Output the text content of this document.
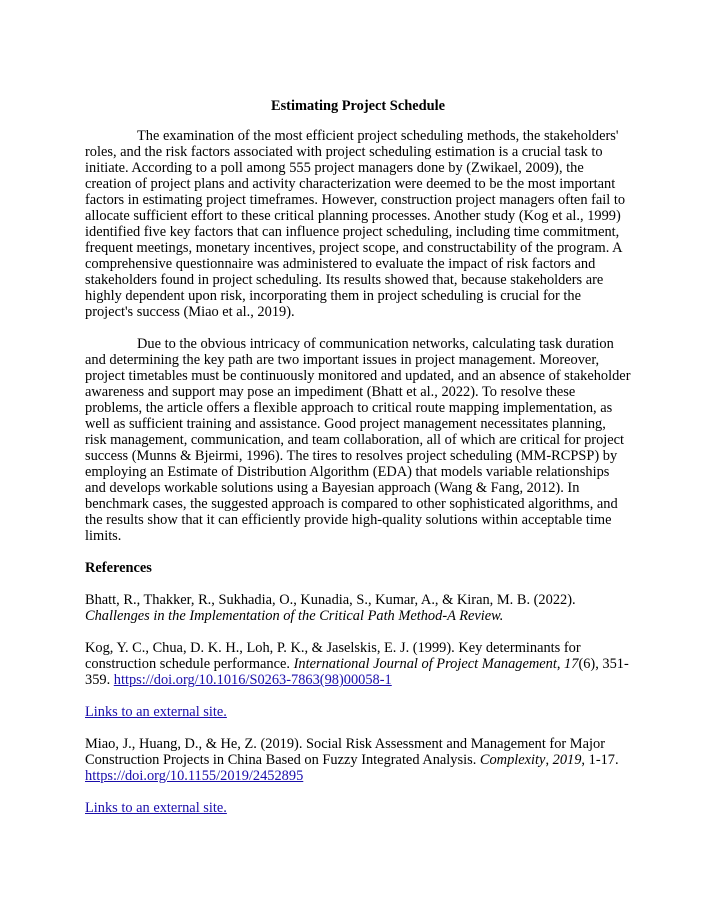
Estimating Project Schedule

The examination of the most efficient project scheduling methods, the stakeholders' roles, and the risk factors associated with project scheduling estimation is a crucial task to initiate. According to a poll among 555 project managers done by (Zwikael, 2009), the creation of project plans and activity characterization were deemed to be the most important factors in estimating project timeframes. However, construction project managers often fail to allocate sufficient effort to these critical planning processes. Another study (Kog et al., 1999) identified five key factors that can influence project scheduling, including time commitment, frequent meetings, monetary incentives, project scope, and constructability of the program. A comprehensive questionnaire was administered to evaluate the impact of risk factors and stakeholders found in project scheduling. Its results showed that, because stakeholders are highly dependent upon risk, incorporating them in project scheduling is crucial for the project's success (Miao et al., 2019).

Due to the obvious intricacy of communication networks, calculating task duration and determining the key path are two important issues in project management. Moreover, project timetables must be continuously monitored and updated, and an absence of stakeholder awareness and support may pose an impediment (Bhatt et al., 2022). To resolve these problems, the article offers a flexible approach to critical route mapping implementation, as well as sufficient training and assistance. Good project management necessitates planning, risk management, communication, and team collaboration, all of which are critical for project success (Munns & Bjeirmi, 1996). The tires to resolves project scheduling (MM-RCPSP) by employing an Estimate of Distribution Algorithm (EDA) that models variable relationships and develops workable solutions using a Bayesian approach (Wang & Fang, 2012). In benchmark cases, the suggested approach is compared to other sophisticated algorithms, and the results show that it can efficiently provide high-quality solutions within acceptable time limits.

References

Bhatt, R., Thakker, R., Sukhadia, O., Kunadia, S., Kumar, A., & Kiran, M. B. (2022). Challenges in the Implementation of the Critical Path Method-A Review.

Kog, Y. C., Chua, D. K. H., Loh, P. K., & Jaselskis, E. J. (1999). Key determinants for construction schedule performance. International Journal of Project Management, 17(6), 351-359. https://doi.org/10.1016/S0263-7863(98)00058-1

Links to an external site.

Miao, J., Huang, D., & He, Z. (2019). Social Risk Assessment and Management for Major Construction Projects in China Based on Fuzzy Integrated Analysis. Complexity, 2019, 1-17.
https://doi.org/10.1155/2019/2452895

Links to an external site.
